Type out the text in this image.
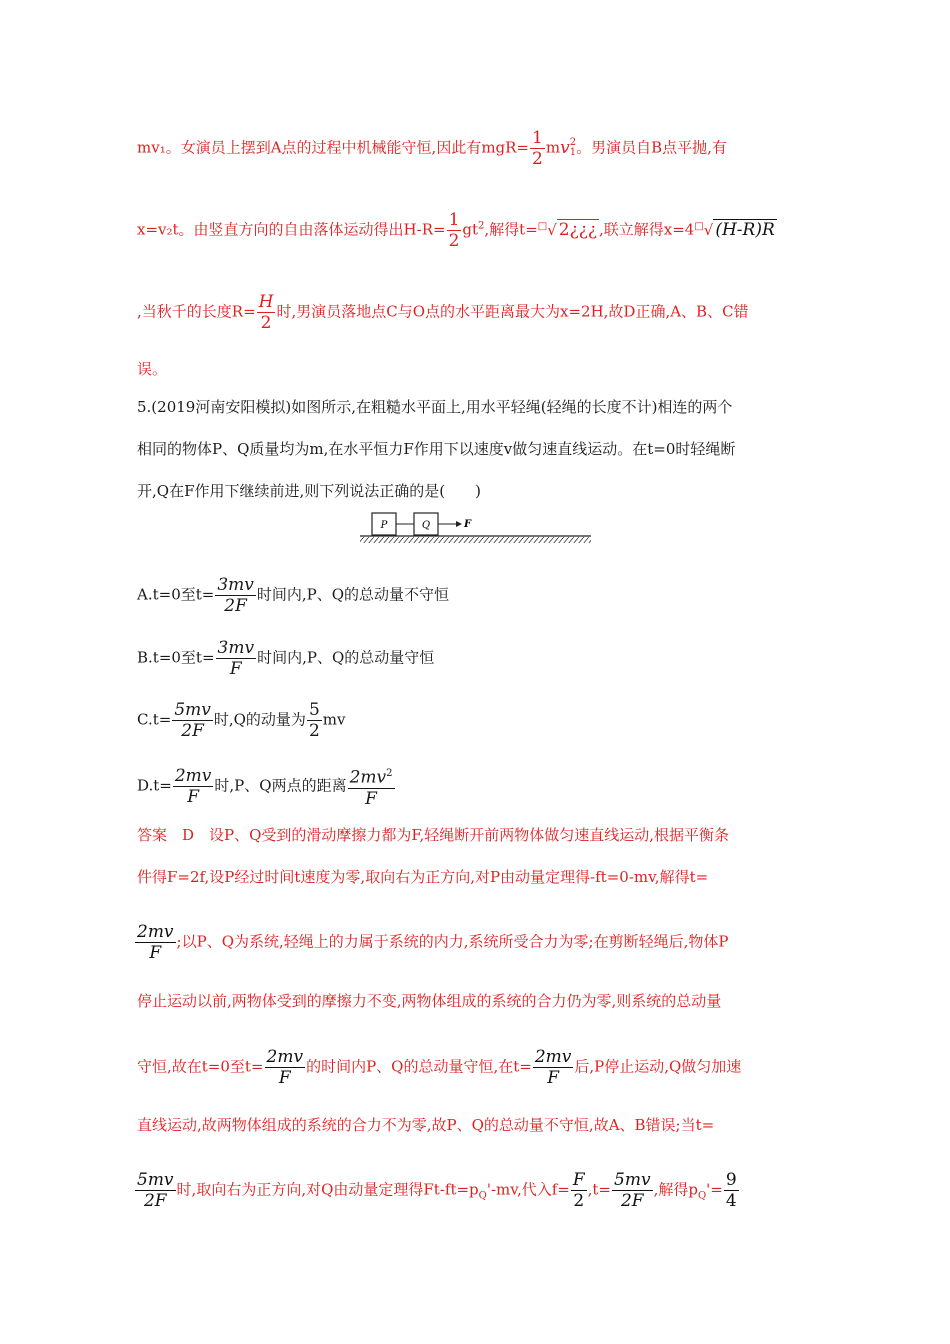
mv₁。女演员上摆到A点的过程中机械能守恒,因此有$mgR= \frac{1}{2}$ mv 2
1 。男演员自B点平抛,有
x=v₂t。由竖直方向的自由落体运动得出$H-R= \frac{1}{2} gt^2$,解得t=□√ 2¿¿¿ ,联立解得x=4□√ (H-R)R
,当秋千的长度$R= \frac{H}{2}$ 时,男演员落地点C与O点的水平距离最大为x=2H,故D正确,A、B、C错
误。
5.(2019河南安阳模拟)如图所示,在粗糙水平面上,用水平轻绳(轻绳的长度不计)相连的两个
相同的物体P、Q质量均为m,在水平恒力F作用下以速度v做匀速直线运动。在t=0时轻绳断
开,Q在F作用下继续前进,则下列说法正确的是(　　)
P	Q	F
A.t=0至$t= \frac{3mv}{2F}$ 时间内,P、Q的总动量不守恒
B.t=0至$t= \frac{3mv}{F}$ 时间内,P、Q的总动量守恒
$C.t= \frac{5mv}{2F}$ 时,Q的动量为 $\frac{5}{2}$ mv
$D.t= \frac{2mv}{F}$ 时,P、Q两点的距离 $\frac{2mv^2}{F}$
答案　D　设P、Q受到的滑动摩擦力都为F,轻绳断开前两物体做匀速直线运动,根据平衡条
件得F=2f,设P经过时间t速度为零,取向右为正方向,对P由动量定理得-ft=0-mv,解得t=
$\frac{2mv}{F}$ ;以P、Q为系统,轻绳上的力属于系统的内力,系统所受合力为零;在剪断轻绳后,物体P
停止运动以前,两物体受到的摩擦力不变,两物体组成的系统的合力仍为零,则系统的总动量
守恒,故在t=0至$t= \frac{2mv}{F}$ 的时间内P、Q的总动量守恒,在$t= \frac{2mv}{F}$ 后,P停止运动,Q做匀加速
直线运动,故两物体组成的系统的合力不为零,故P、Q的总动量不守恒,故A、B错误;当t=
$\frac{5mv}{2F}$ 时,取向右为正方向,对Q由动量定理得$Ft-ft=p_Q'-mv$,代入$f= \frac{F}{2} ,t= \frac{5mv}{2F}$ ,解得$p_Q'= \frac{9}{4}$
